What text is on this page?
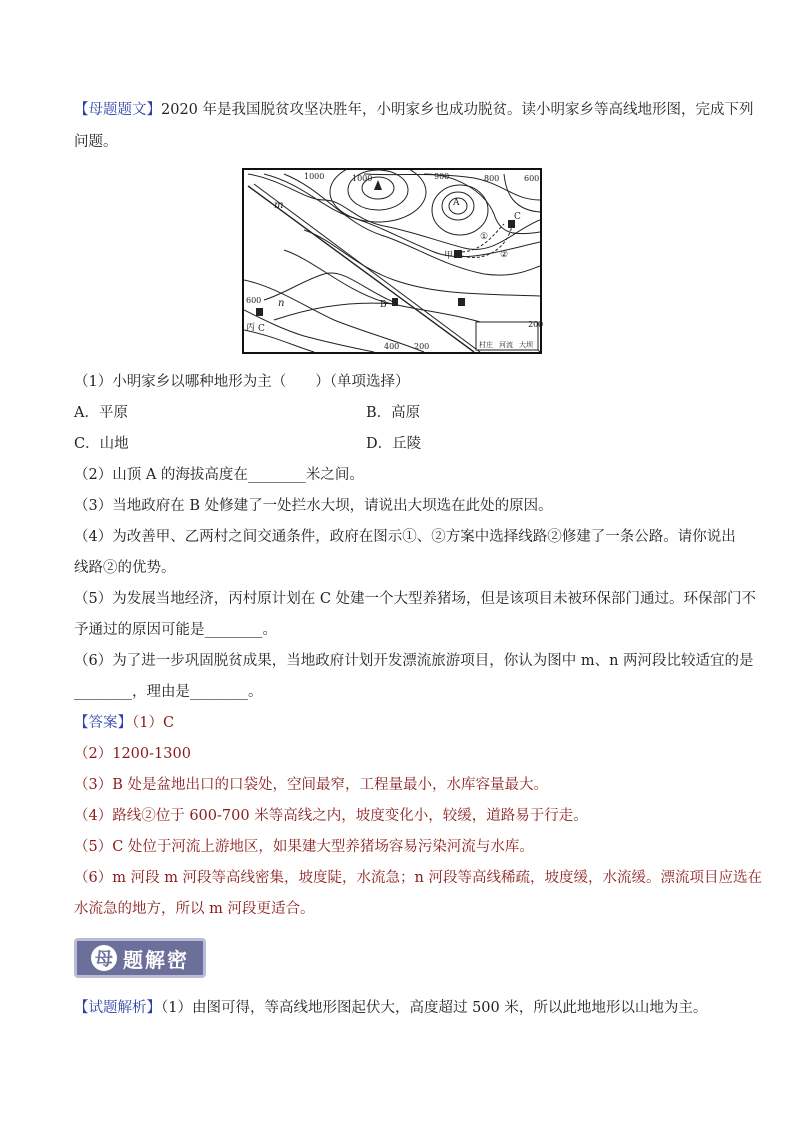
【母题题文】2020 年是我国脱贫攻坚决胜年，小明家乡也成功脱贫。读小明家乡等高线地形图，完成下列
问题。
1000	1000	900	800	600
A
①
②
C
甲
m
n
600
200
B
丙 C
400 200	村庄 河流 大坝
（1）小明家乡以哪种地形为主（　　）（单项选择）
A．平原	B．高原
C．山地	D．丘陵
（2）山顶 A 的海拔高度在________米之间。
（3）当地政府在 B 处修建了一处拦水大坝，请说出大坝选在此处的原因。
（4）为改善甲、乙两村之间交通条件，政府在图示①、②方案中选择线路②修建了一条公路。请你说出
线路②的优势。
（5）为发展当地经济，丙村原计划在 C 处建一个大型养猪场，但是该项目未被环保部门通过。环保部门不
予通过的原因可能是________。
（6）为了进一步巩固脱贫成果，当地政府计划开发漂流旅游项目，你认为图中 m、n 两河段比较适宜的是
________，理由是________。
【答案】（1）C
（2）1200-1300
（3）B 处是盆地出口的口袋处，空间最窄，工程量最小，水库容量最大。
（4）路线②位于 600-700 米等高线之内，坡度变化小，较缓，道路易于行走。
（5）C 处位于河流上游地区，如果建大型养猪场容易污染河流与水库。
（6）m 河段 m 河段等高线密集，坡度陡，水流急；n 河段等高线稀疏，坡度缓，水流缓。漂流项目应选在
水流急的地方，所以 m 河段更适合。
母 题解密
【试题解析】（1）由图可得，等高线地形图起伏大，高度超过 500 米，所以此地地形以山地为主。
